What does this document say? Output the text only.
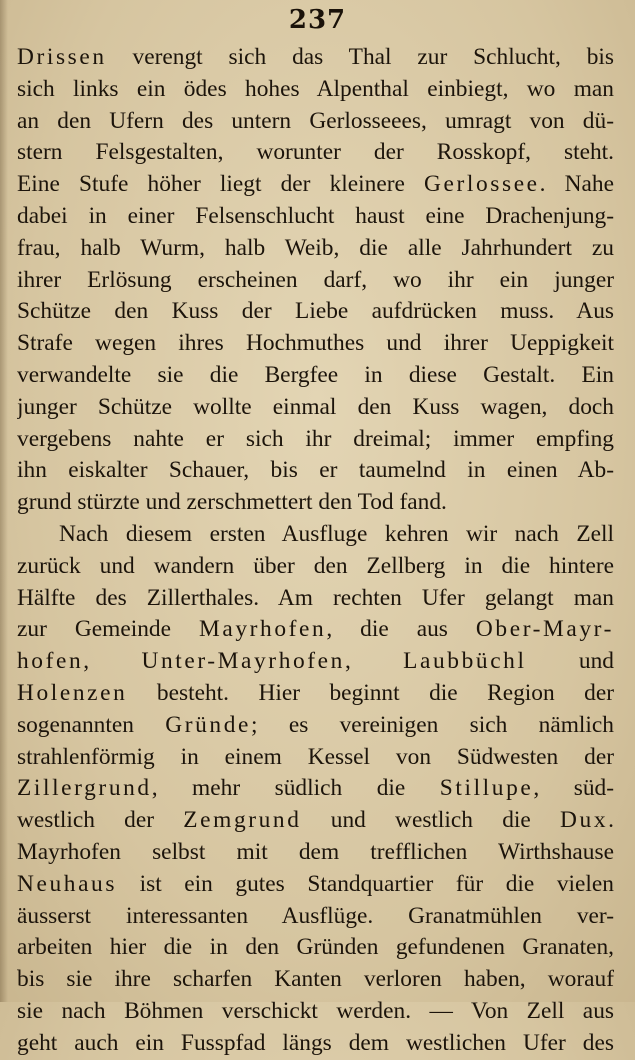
237
Drissen verengt sich das Thal zur Schlucht, bis
sich links ein ödes hohes Alpenthal einbiegt, wo man
an den Ufern des untern Gerlosseees, umragt von dü-
stern Felsgestalten, worunter der Rosskopf, steht.
Eine Stufe höher liegt der kleinere Gerlossee. Nahe
dabei in einer Felsenschlucht haust eine Drachenjung-
frau, halb Wurm, halb Weib, die alle Jahrhundert zu
ihrer Erlösung erscheinen darf, wo ihr ein junger
Schütze den Kuss der Liebe aufdrücken muss. Aus
Strafe wegen ihres Hochmuthes und ihrer Ueppigkeit
verwandelte sie die Bergfee in diese Gestalt. Ein
junger Schütze wollte einmal den Kuss wagen, doch
vergebens nahte er sich ihr dreimal; immer empfing
ihn eiskalter Schauer, bis er taumelnd in einen Ab-
grund stürzte und zerschmettert den Tod fand.
Nach diesem ersten Ausfluge kehren wir nach Zell
zurück und wandern über den Zellberg in die hintere
Hälfte des Zillerthales. Am rechten Ufer gelangt man
zur Gemeinde Mayrhofen, die aus Ober-Mayr-
hofen, Unter-Mayrhofen, Laubbüchl und
Holenzen besteht. Hier beginnt die Region der
sogenannten Gründe; es vereinigen sich nämlich
strahlenförmig in einem Kessel von Südwesten der
Zillergrund, mehr südlich die Stillupe, süd-
westlich der Zemgrund und westlich die Dux.
Mayrhofen selbst mit dem trefflichen Wirthshause
Neuhaus ist ein gutes Standquartier für die vielen
äusserst interessanten Ausflüge. Granatmühlen ver-
arbeiten hier die in den Gründen gefundenen Granaten,
bis sie ihre scharfen Kanten verloren haben, worauf
sie nach Böhmen verschickt werden. — Von Zell aus
geht auch ein Fusspfad längs dem westlichen Ufer des
